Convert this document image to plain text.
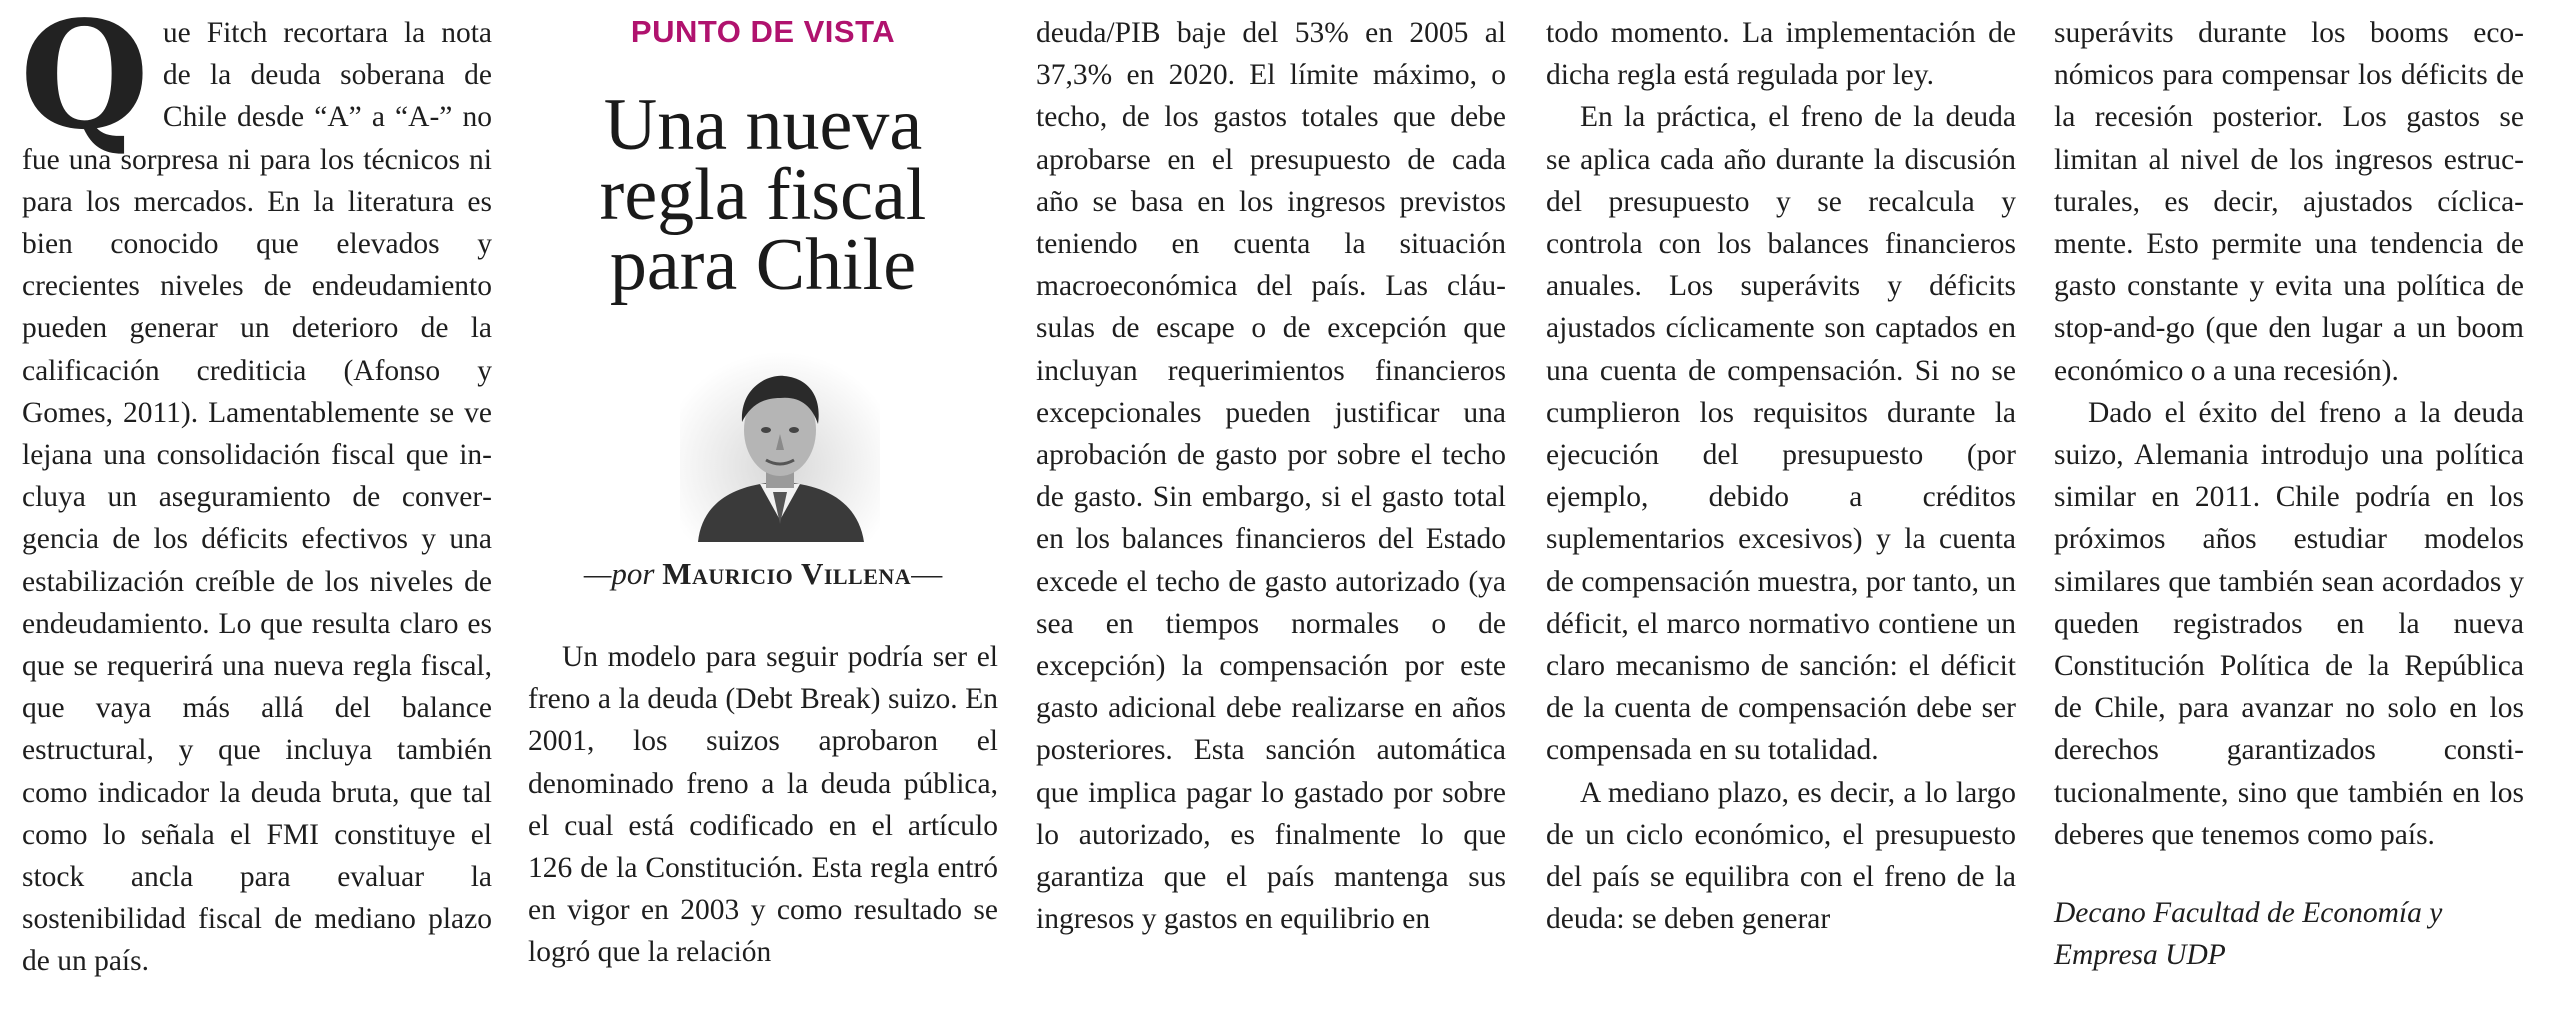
Que Fitch recortara la nota de la deuda soberana de Chile desde “A” a “A-” no fue una sorpresa ni para los técnicos ni para los mercados. En la literatura es bien conocido que elevados y crecientes niveles de endeudamiento pueden generar un deterioro de la calificación crediticia (Afonso y Gomes, 2011). Lamentablemente se ve lejana una consolidación fiscal que incluya un aseguramiento de convergencia de los déficits efectivos y una estabilización creíble de los niveles de endeudamiento. Lo que resulta claro es que se requerirá una nueva regla fiscal, que vaya más allá del balance estructural, y que incluya también como indicador la deuda bruta, que tal como lo señala el FMI constituye el stock ancla para evaluar la sostenibilidad fiscal de mediano plazo de un país.

PUNTO DE VISTA
Una nueva
regla fiscal
para Chile
—por Mauricio Villena—

Un modelo para seguir podría ser el freno a la deuda (Debt Break) suizo. En 2001, los suizos aprobaron el denominado freno a la deuda pública, el cual está codificado en el artículo 126 de la Constitución. Esta regla entró en vigor en 2003 y como resultado se logró que la relación

deuda/PIB baje del 53% en 2005 al 37,3% en 2020. El límite máximo, o techo, de los gastos totales que debe aprobarse en el presupuesto de cada año se basa en los ingresos previstos teniendo en cuenta la situación macroeconómica del país. Las cláusulas de escape o de excepción que incluyan requerimientos financieros excepcionales pueden justificar una aprobación de gasto por sobre el techo de gasto. Sin embargo, si el gasto total en los balances financieros del Estado excede el techo de gasto autorizado (ya sea en tiempos normales o de excepción) la compensación por este gasto adicional debe realizarse en años posteriores. Esta sanción automática que implica pagar lo gastado por sobre lo autorizado, es finalmente lo que garantiza que el país mantenga sus ingresos y gastos en equilibrio en

todo momento. La implementación de dicha regla está regulada por ley.

En la práctica, el freno de la deuda se aplica cada año durante la discusión del presupuesto y se recalcula y controla con los balances financieros anuales. Los superávits y déficits ajustados cíclicamente son captados en una cuenta de compensación. Si no se cumplieron los requisitos durante la ejecución del presupuesto (por ejemplo, debido a créditos suplementarios excesivos) y la cuenta de compensación muestra, por tanto, un déficit, el marco normativo contiene un claro mecanismo de sanción: el déficit de la cuenta de compensación debe ser compensada en su totalidad.

A mediano plazo, es decir, a lo largo de un ciclo económico, el presupuesto del país se equilibra con el freno de la deuda: se deben generar

superávits durante los booms económicos para compensar los déficits de la recesión posterior. Los gastos se limitan al nivel de los ingresos estructurales, es decir, ajustados cíclicamente. Esto permite una tendencia de gasto constante y evita una política de stop-and-go (que den lugar a un boom económico o a una recesión).

Dado el éxito del freno a la deuda suizo, Alemania introdujo una política similar en 2011. Chile podría en los próximos años estudiar modelos similares que también sean acordados y queden registrados en la nueva Constitución Política de la República de Chile, para avanzar no solo en los derechos garantizados constitucionalmente, sino que también en los deberes que tenemos como país.

Decano Facultad de Economía y Empresa UDP
